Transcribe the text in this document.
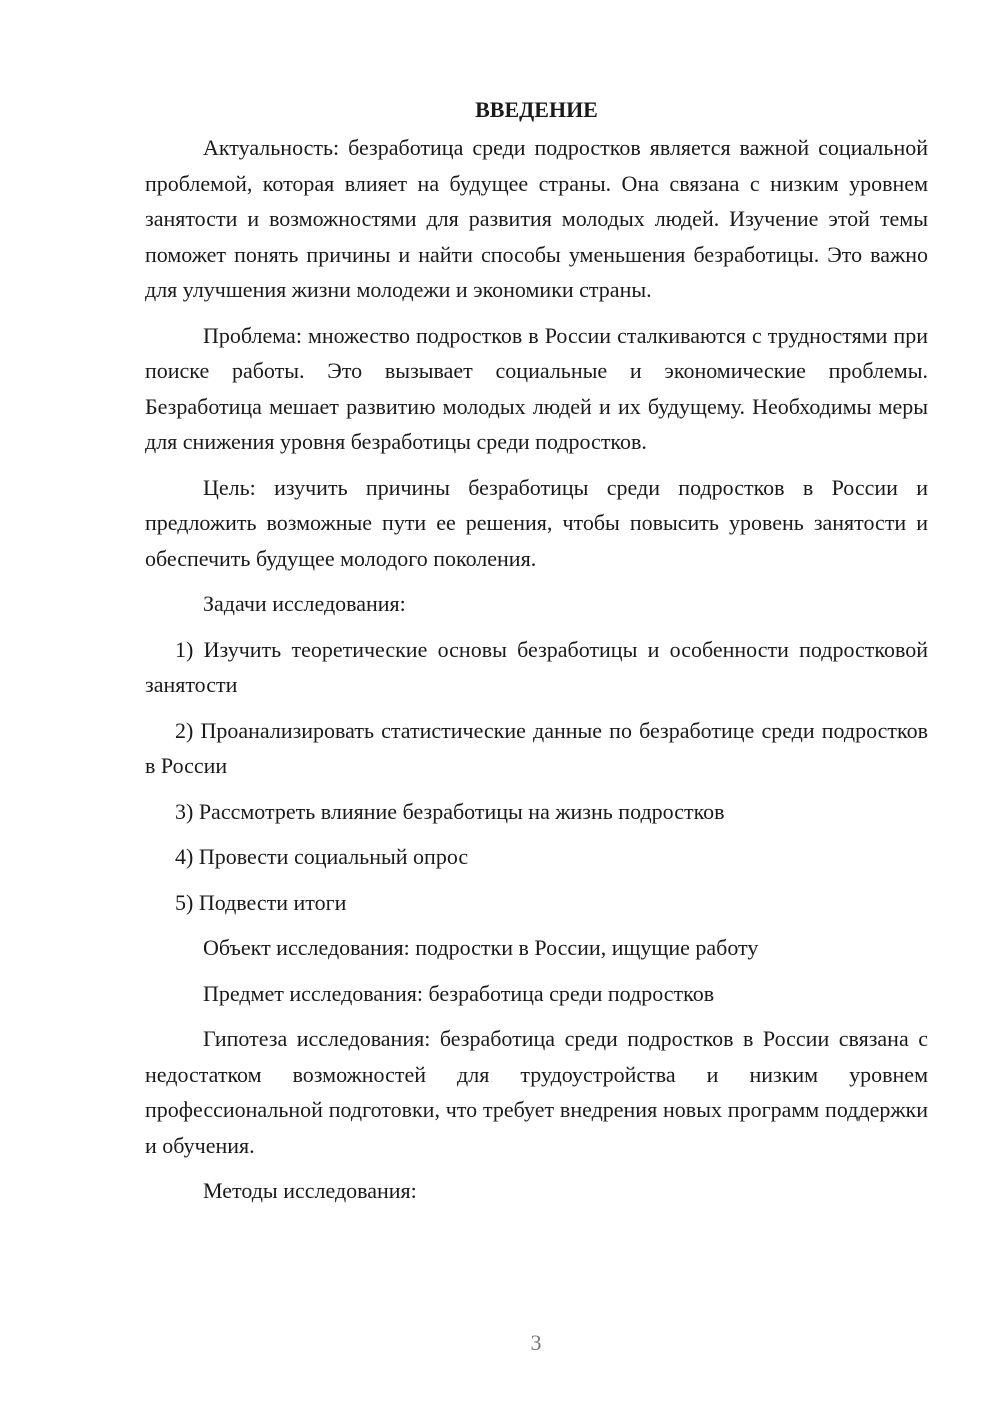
ВВЕДЕНИЕ

Актуальность: безработица среди подростков является важной социальной проблемой, которая влияет на будущее страны. Она связана с низким уровнем занятости и возможностями для развития молодых людей. Изучение этой темы поможет понять причины и найти способы уменьшения безработицы. Это важно для улучшения жизни молодежи и экономики страны.

Проблема: множество подростков в России сталкиваются с трудностями при поиске работы. Это вызывает социальные и экономические проблемы. Безработица мешает развитию молодых людей и их будущему. Необходимы меры для снижения уровня безработицы среди подростков.

Цель: изучить причины безработицы среди подростков в России и предложить возможные пути ее решения, чтобы повысить уровень занятости и обеспечить будущее молодого поколения.

Задачи исследования:

1) Изучить теоретические основы безработицы и особенности подростковой занятости

2) Проанализировать статистические данные по безработице среди подростков в России

3) Рассмотреть влияние безработицы на жизнь подростков

4) Провести социальный опрос

5) Подвести итоги

Объект исследования: подростки в России, ищущие работу

Предмет исследования: безработица среди подростков

Гипотеза исследования: безработица среди подростков в России связана с недостатком возможностей для трудоустройства и низким уровнем профессиональной подготовки, что требует внедрения новых программ поддержки и обучения.

Методы исследования:

3
